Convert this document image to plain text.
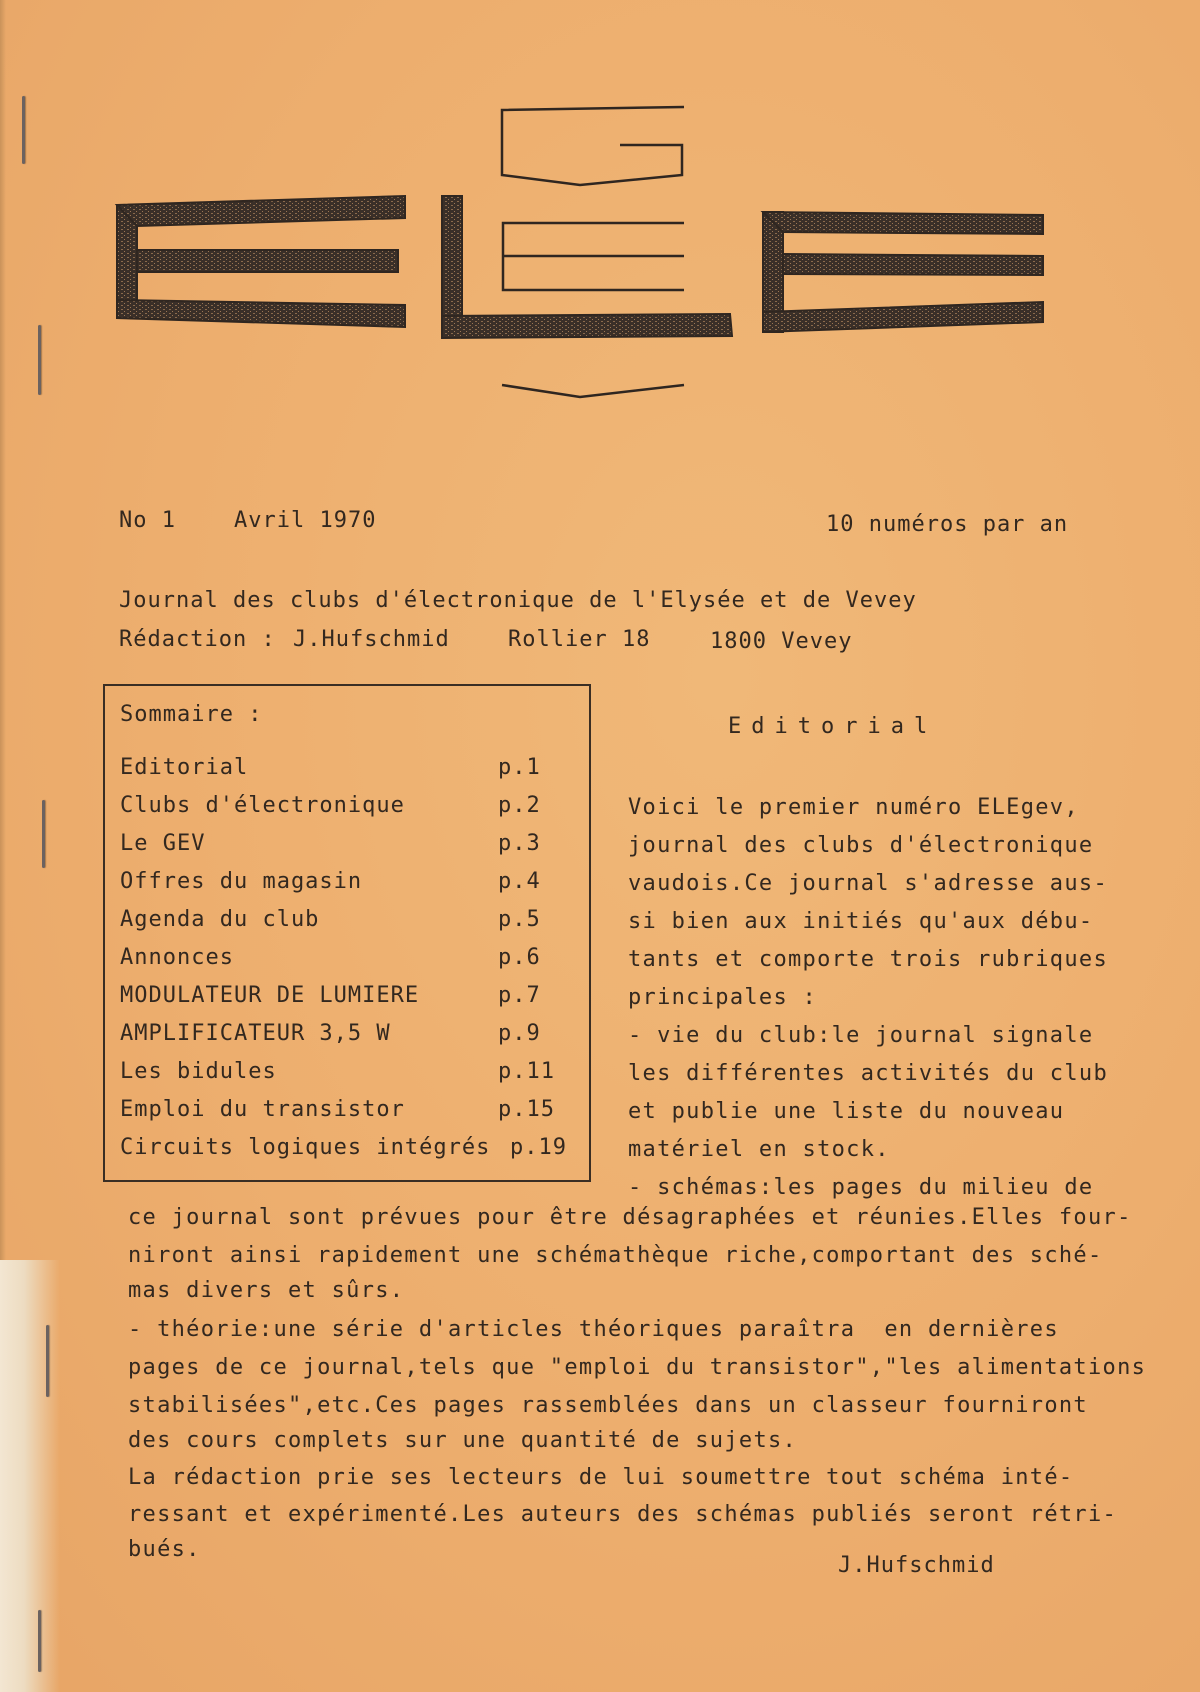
No 1	Avril 1970	10 numéros par an
Journal des clubs d'électronique de l'Elysée et de Vevey
Rédaction : J.Hufschmid	Rollier 18	1800 Vevey
Sommaire :
Editorial	p.1
Clubs d'électronique	p.2
Le GEV	p.3
Offres du magasin	p.4
Agenda du club	p.5
Annonces	p.6
MODULATEUR DE LUMIERE	p.7
AMPLIFICATEUR 3,5 W	p.9
Les bidules	p.11
Emploi du transistor	p.15
Circuits logiques intégrés p.19
Editorial
Voici le premier numéro ELEgev,
journal des clubs d'électronique
vaudois.Ce journal s'adresse aus-
si bien aux initiés qu'aux débu-
tants et comporte trois rubriques
principales :
- vie du club:le journal signale
les différentes activités du club
et publie une liste du nouveau
matériel en stock.
- schémas:les pages du milieu de
ce journal sont prévues pour être désagraphées et réunies.Elles four-
niront ainsi rapidement une schémathèque riche,comportant des sché-
mas divers et sûrs.
- théorie:une série d'articles théoriques paraîtra  en dernières
pages de ce journal,tels que "emploi du transistor","les alimentations
stabilisées",etc.Ces pages rassemblées dans un classeur fourniront
des cours complets sur une quantité de sujets.
La rédaction prie ses lecteurs de lui soumettre tout schéma inté-
ressant et expérimenté.Les auteurs des schémas publiés seront rétri-
bués.
J.Hufschmid
